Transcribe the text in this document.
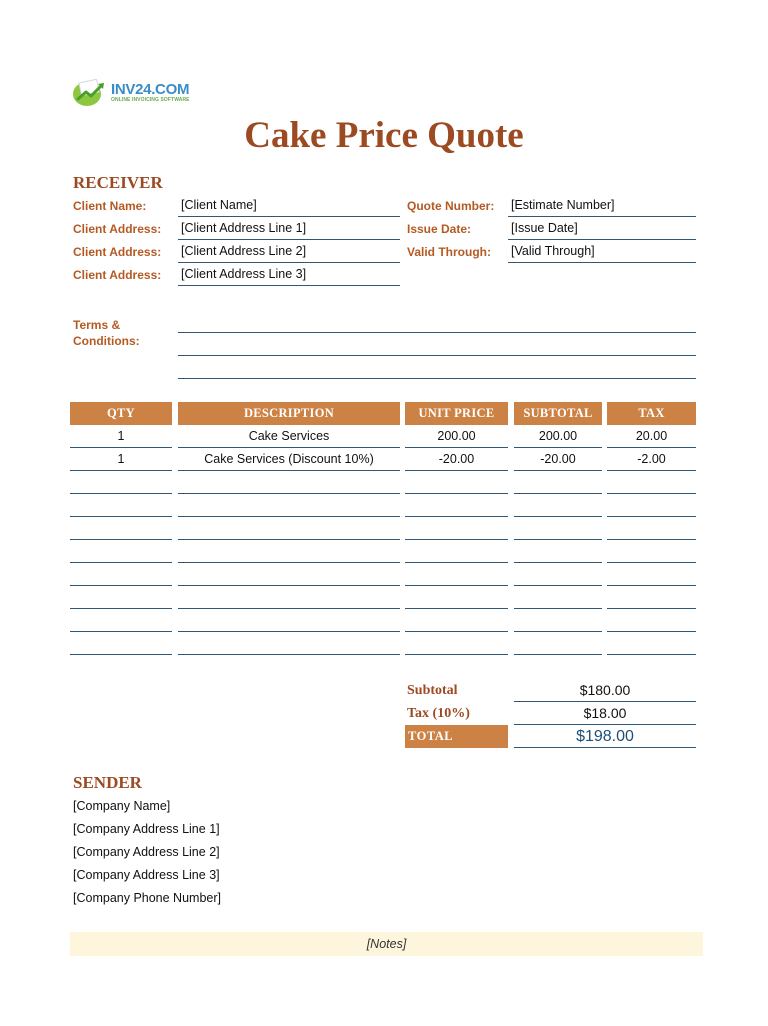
INV24.COM
ONLINE INVOICING SOFTWARE
Cake Price Quote
RECEIVER
Client Name:	[Client Name]
Client Address: [Client Address Line 1]
Client Address: [Client Address Line 2]
Client Address: [Client Address Line 3]
Quote Number: [Estimate Number]
Issue Date:	[Issue Date]
Valid Through: [Valid Through]
Terms &
Conditions:
QTY	DESCRIPTION	UNIT PRICE	SUBTOTAL	TAX
1	Cake Services	200.00	200.00	20.00
1	Cake Services (Discount 10%)	-20.00	-20.00	-2.00
Subtotal	$180.00
Tax (10%)	$18.00
TOTAL	$198.00
SENDER
[Company Name]
[Company Address Line 1]
[Company Address Line 2]
[Company Address Line 3]
[Company Phone Number]
[Notes]
